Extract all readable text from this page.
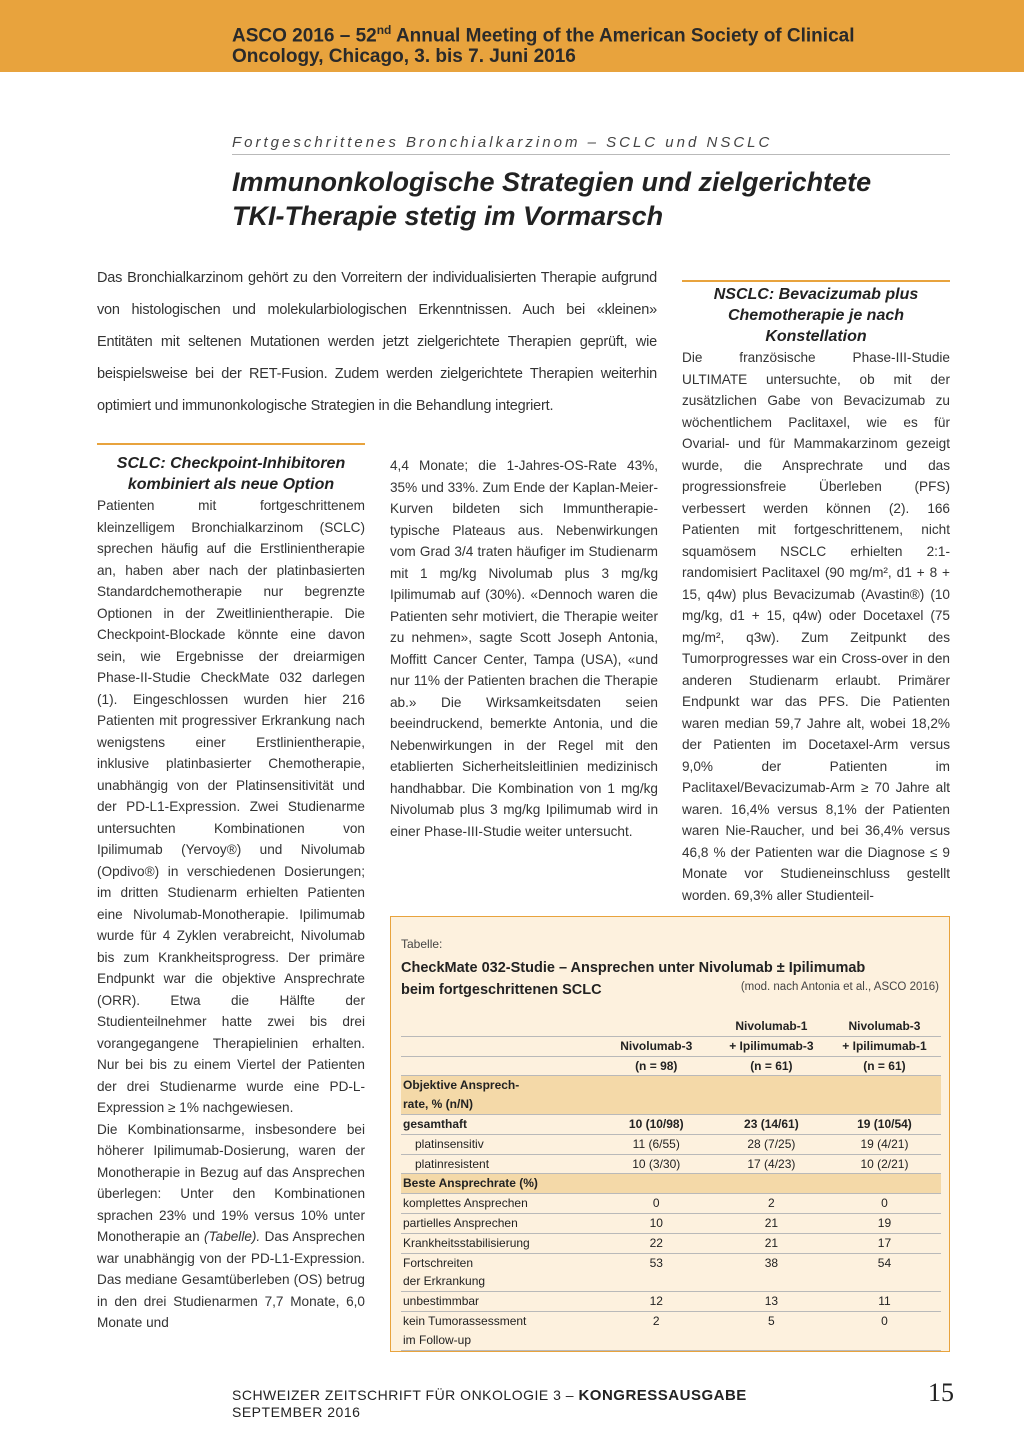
ASCO 2016 – 52nd Annual Meeting of the American Society of Clinical
Oncology, Chicago, 3. bis 7. Juni 2016
Fortgeschrittenes Bronchialkarzinom – SCLC und NSCLC
Immunonkologische Strategien und zielgerichtete
TKI-Therapie stetig im Vormarsch
Das Bronchialkarzinom gehört zu den Vorreitern der individualisierten Therapie aufgrund von histologischen und molekularbiologischen Erkenntnissen. Auch bei «kleinen» Entitäten mit seltenen Mutationen werden jetzt zielgerichtete Therapien geprüft, wie beispielsweise bei der RET-Fusion. Zudem werden zielgerichtete Therapien weiterhin optimiert und immunonkologische Strategien in die Behandlung integriert.
SCLC: Checkpoint-Inhibitoren kombiniert als neue Option

Patienten mit fortgeschrittenem kleinzelligem Bronchialkarzinom (SCLC) sprechen häufig auf die Erstlinientherapie an, haben aber nach der platinbasierten Standardchemotherapie nur begrenzte Optionen in der Zweitlinientherapie. Die Checkpoint-Blockade könnte eine davon sein, wie Ergebnisse der dreiarmigen Phase-II-Studie CheckMate 032 darlegen (1). Eingeschlossen wurden hier 216 Patienten mit progressiver Erkrankung nach wenigstens einer Erstlinientherapie, inklusive platinbasierter Chemotherapie, unabhängig von der Platinsensitivität und der PD-L1-Expression. Zwei Studienarme untersuchten Kombinationen von Ipilimumab (Yervoy®) und Nivolumab (Opdivo®) in verschiedenen Dosierungen; im dritten Studienarm erhielten Patienten eine Nivolumab-Monotherapie. Ipilimumab wurde für 4 Zyklen verabreicht, Nivolumab bis zum Krankheitsprogress. Der primäre Endpunkt war die objektive Ansprechrate (ORR). Etwa die Hälfte der Studienteilnehmer hatte zwei bis drei vorangegangene Therapielinien erhalten. Nur bei bis zu einem Viertel der Patienten der drei Studienarme wurde eine PD-L-Expression ≥ 1% nachgewiesen.

Die Kombinationsarme, insbesondere bei höherer Ipilimumab-Dosierung, waren der Monotherapie in Bezug auf das Ansprechen überlegen: Unter den Kombinationen sprachen 23% und 19% versus 10% unter Monotherapie an (Tabelle). Das Ansprechen war unabhängig von der PD-L1-Expression. Das mediane Gesamtüberleben (OS) betrug in den drei Studienarmen 7,7 Monate, 6,0 Monate und

4,4 Monate; die 1-Jahres-OS-Rate 43%, 35% und 33%. Zum Ende der Kaplan-Meier-Kurven bildeten sich Immuntherapie-typische Plateaus aus. Nebenwirkungen vom Grad 3/4 traten häufiger im Studienarm mit 1 mg/kg Nivolumab plus 3 mg/kg Ipilimumab auf (30%). «Dennoch waren die Patienten sehr motiviert, die Therapie weiter zu nehmen», sagte Scott Joseph Antonia, Moffitt Cancer Center, Tampa (USA), «und nur 11% der Patienten brachen die Therapie ab.» Die Wirksamkeitsdaten seien beeindruckend, bemerkte Antonia, und die Nebenwirkungen in der Regel mit den etablierten Sicherheitsleitlinien medizinisch handhabbar. Die Kombination von 1 mg/kg Nivolumab plus 3 mg/kg Ipilimumab wird in einer Phase-III-Studie weiter untersucht.

NSCLC: Bevacizumab plus Chemotherapie je nach Konstellation

Die französische Phase-III-Studie ULTIMATE untersuchte, ob mit der zusätzlichen Gabe von Bevacizumab zu wöchentlichem Paclitaxel, wie es für Ovarial- und für Mammakarzinom gezeigt wurde, die Ansprechrate und das progressionsfreie Überleben (PFS) verbessert werden können (2). 166 Patienten mit fortgeschrittenem, nicht squamösem NSCLC erhielten 2:1-randomisiert Paclitaxel (90 mg/m², d1 + 8 + 15, q4w) plus Bevacizumab (Avastin®) (10 mg/kg, d1 + 15, q4w) oder Docetaxel (75 mg/m², q3w). Zum Zeitpunkt des Tumorprogresses war ein Cross-over in den anderen Studienarm erlaubt. Primärer Endpunkt war das PFS. Die Patienten waren median 59,7 Jahre alt, wobei 18,2% der Patienten im Docetaxel-Arm versus 9,0% der Patienten im Paclitaxel/Bevacizumab-Arm ≥ 70 Jahre alt waren. 16,4% versus 8,1% der Patienten waren Nie-Raucher, und bei 36,4% versus 46,8 % der Patienten war die Diagnose ≤ 9 Monate vor Studieneinschluss gestellt worden. 69,3% aller Studienteil-

Tabelle:
CheckMate 032-Studie – Ansprechen unter Nivolumab ± Ipilimumab
beim fortgeschrittenen SCLC	(mod. nach Antonia et al., ASCO 2016)
		Nivolumab-1	Nivolumab-3
	Nivolumab-3	+ Ipilimumab-3	+ Ipilimumab-1
	(n = 98)	(n = 61)	(n = 61)
Objektive Ansprech-			
rate, % (n/N)			
gesamthaft	10 (10/98)	23 (14/61)	19 (10/54)
platinsensitiv	11 (6/55)	28 (7/25)	19 (4/21)
platinresistent	10 (3/30)	17 (4/23)	10 (2/21)
Beste Ansprechrate (%)			
komplettes Ansprechen	0	2	0
partielles Ansprechen	10	21	19
Krankheitsstabilisierung	22	21	17
Fortschreiten	53	38	54
der Erkrankung			
unbestimmbar	12	13	11
kein Tumorassessment	2	5	0
im Follow-up			
SCHWEIZER ZEITSCHRIFT FÜR ONKOLOGIE 3 – KONGRESSAUSGABE SEPTEMBER 2016
15
